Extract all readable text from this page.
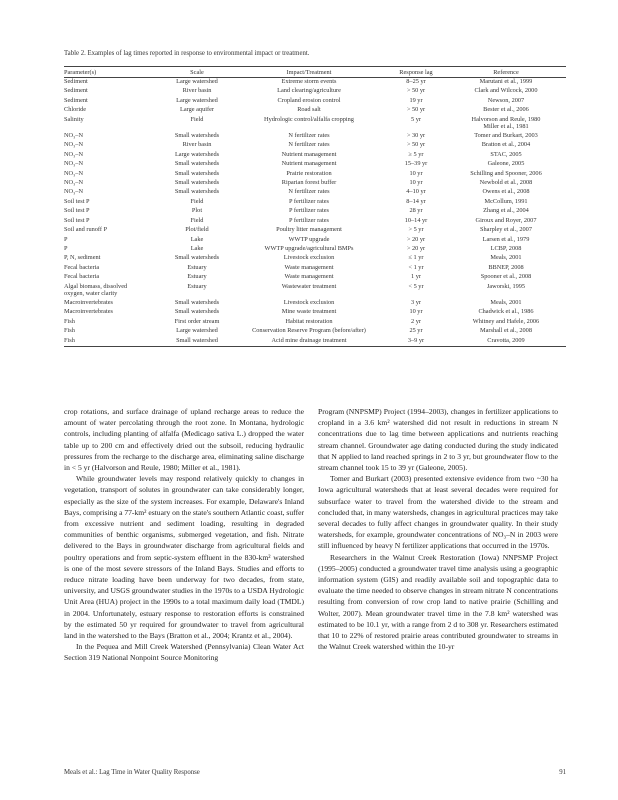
Table 2. Examples of lag times reported in response to environmental impact or treatment.
Parameter(s)	Scale	Impact/Treatment	Response lag	Reference
Sediment	Large watershed	Extreme storm events	8–25 yr	Marutani et al., 1999
Sediment	River basin	Land clearing/agriculture	> 50 yr	Clark and Wilcock, 2000
Sediment	Large watershed	Cropland erosion control	19 yr	Newson, 2007
Chloride	Large aquifer	Road salt	> 50 yr	Bester et al., 2006
Salinity	Field	Hydrologic control/alfalfa cropping	5 yr	Halvorson and Reule, 1980
Miller et al., 1981
NO₃–N	Small watersheds	N fertilizer rates	> 30 yr	Tomer and Burkart, 2003
NO₃–N	River basin	N fertilizer rates	> 50 yr	Bratton et al., 2004
NO₃–N	Large watersheds	Nutrient management	≥ 5 yr	STAC, 2005
NO₃–N	Small watersheds	Nutrient management	15–39 yr	Galeone, 2005
NO₃–N	Small watersheds	Prairie restoration	10 yr	Schilling and Spooner, 2006
NO₃–N	Small watersheds	Riparian forest buffer	10 yr	Newbold et al., 2008
NO₃–N	Small watersheds	N fertilizer rates	4–10 yr	Owens et al., 2008
Soil test P	Field	P fertilizer rates	8–14 yr	McCollum, 1991
Soil test P	Plot	P fertilizer rates	28 yr	Zhang et al., 2004
Soil test P	Field	P fertilizer rates	10–14 yr	Giroux and Royer, 2007
Soil and runoff P	Plot/field	Poultry litter management	> 5 yr	Sharpley et al., 2007
P	Lake	WWTP upgrade	> 20 yr	Larsen et al., 1979
P	Lake	WWTP upgrade/agricultural BMPs	> 20 yr	LCBP, 2008
P, N, sediment	Small watersheds	Livestock exclusion	≤ 1 yr	Meals, 2001
Fecal bacteria	Estuary	Waste management	< 1 yr	BBNEP, 2008
Fecal bacteria	Estuary	Waste management	1 yr	Spooner et al., 2008
Algal biomass, dissolved
oxygen, water clarity	Estuary	Wastewater treatment	< 5 yr	Jaworski, 1995
Macroinvertebrates	Small watersheds	Livestock exclusion	3 yr	Meals, 2001
Macroinvertebrates	Small watersheds	Mine waste treatment	10 yr	Chadwick et al., 1986
Fish	First order stream	Habitat restoration	2 yr	Whitney and Hafele, 2006
Fish	Large watershed	Conservation Reserve Program (before/after)	25 yr	Marshall et al., 2008
Fish	Small watershed	Acid mine drainage treatment	3–9 yr	Cravotta, 2009

crop rotations, and surface drainage of upland recharge areas to reduce the amount of water percolating through the root zone. In Montana, hydrologic controls, including planting of alfalfa (Medicago sativa L.) dropped the water table up to 200 cm and effectively dried out the subsoil, reducing hydraulic pressures from the recharge to the discharge area, eliminating saline discharge in < 5 yr (Halvorson and Reule, 1980; Miller et al., 1981).

While groundwater levels may respond relatively quickly to changes in vegetation, transport of solutes in groundwater can take considerably longer, especially as the size of the system increases. For example, Delaware's Inland Bays, comprising a 77-km² estuary on the state's southern Atlantic coast, suffer from excessive nutrient and sediment loading, resulting in degraded communities of benthic organisms, submerged vegetation, and fish. Nitrate delivered to the Bays in groundwater discharge from agricultural fields and poultry operations and from septic-system effluent in the 830-km² watershed is one of the most severe stressors of the Inland Bays. Studies and efforts to reduce nitrate loading have been underway for two decades, from state, university, and USGS groundwater studies in the 1970s to a USDA Hydrologic Unit Area (HUA) project in the 1990s to a total maximum daily load (TMDL) in 2004. Unfortunately, estuary response to restoration efforts is constrained by the estimated 50 yr required for groundwater to travel from agricultural land in the watershed to the Bays (Bratton et al., 2004; Krantz et al., 2004).

In the Pequea and Mill Creek Watershed (Pennsylvania) Clean Water Act Section 319 National Nonpoint Source Monitoring

Program (NNPSMP) Project (1994–2003), changes in fertilizer applications to cropland in a 3.6 km² watershed did not result in reductions in stream N concentrations due to lag time between applications and nutrients reaching stream channel. Groundwater age dating conducted during the study indicated that N applied to land reached springs in 2 to 3 yr, but groundwater flow to the stream channel took 15 to 39 yr (Galeone, 2005).

Tomer and Burkart (2003) presented extensive evidence from two ~30 ha Iowa agricultural watersheds that at least several decades were required for subsurface water to travel from the watershed divide to the stream and concluded that, in many watersheds, changes in agricultural practices may take several decades to fully affect changes in groundwater quality. In their study watersheds, for example, groundwater concentrations of NO₃–N in 2003 were still influenced by heavy N fertilizer applications that occurred in the 1970s.

Researchers in the Walnut Creek Restoration (Iowa) NNPSMP Project (1995–2005) conducted a groundwater travel time analysis using a geographic information system (GIS) and readily available soil and topographic data to evaluate the time needed to observe changes in stream nitrate N concentrations resulting from conversion of row crop land to native prairie (Schilling and Wolter, 2007). Mean groundwater travel time in the 7.8 km² watershed was estimated to be 10.1 yr, with a range from 2 d to 308 yr. Researchers estimated that 10 to 22% of restored prairie areas contributed groundwater to streams in the Walnut Creek watershed within the 10-yr

Meals et al.: Lag Time in Water Quality Response	91
